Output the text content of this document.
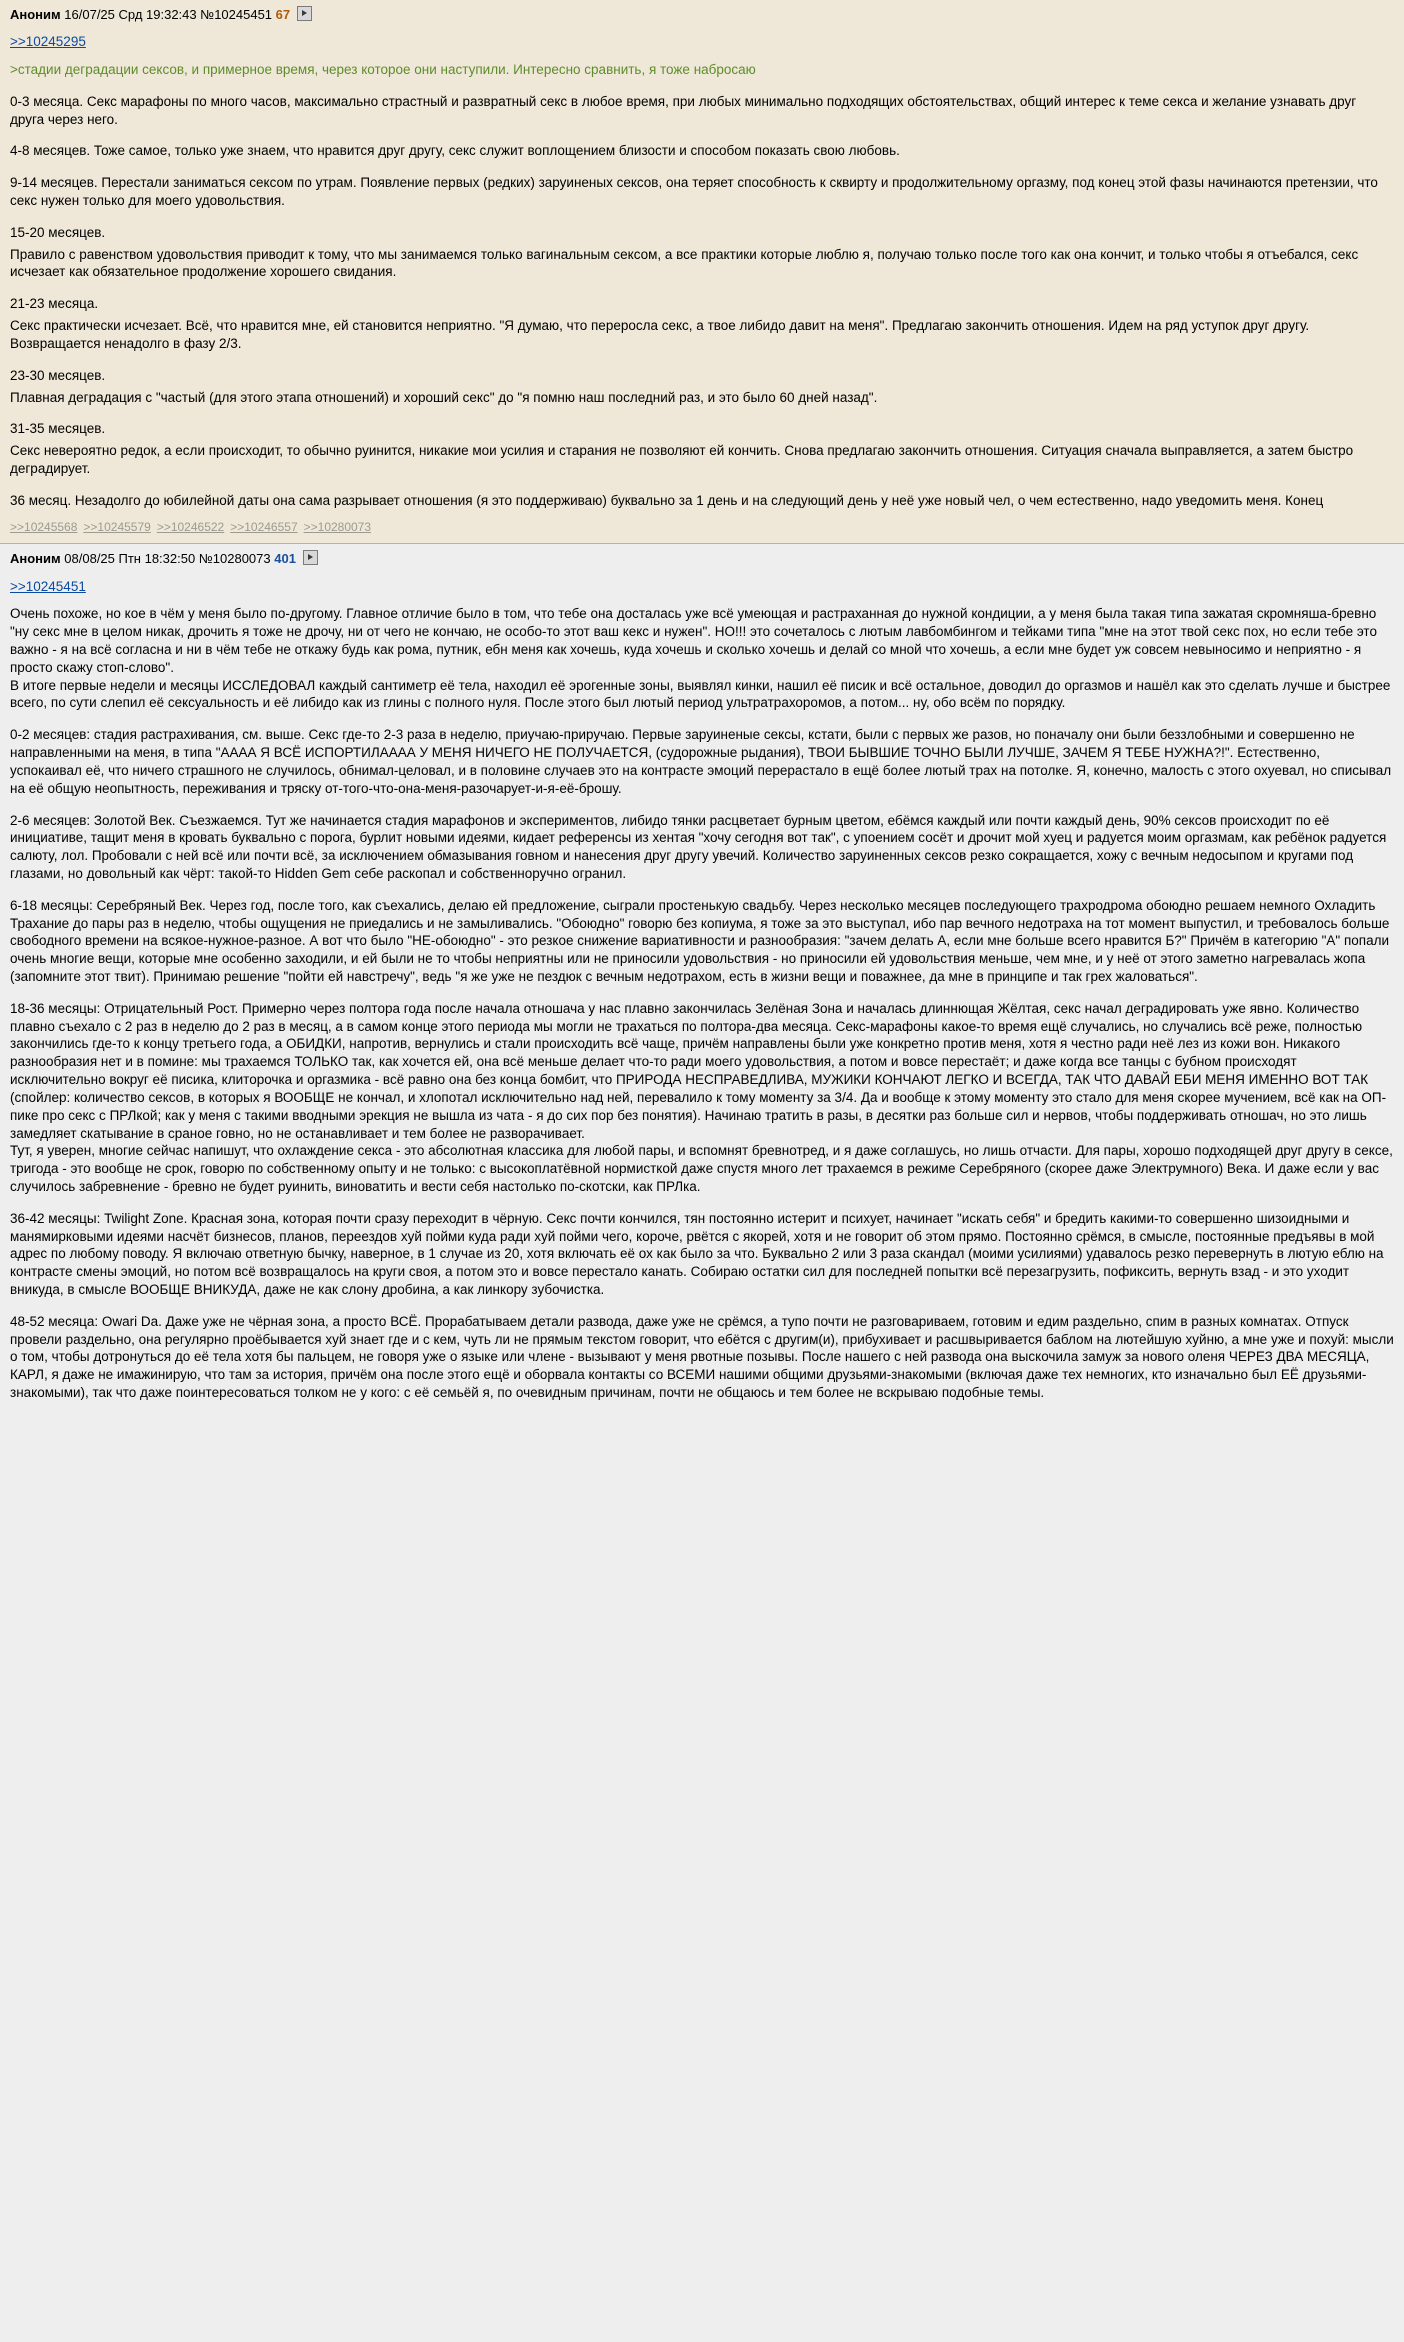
Аноним 16/07/25 Срд 19:32:43 №10245451 67
>>10245295
>стадии деградации сексов, и примерное время, через которое они наступили. Интересно сравнить, я тоже набросаю

0-3 месяца. Секс марафоны по много часов, максимально страстный и развратный секс в любое время, при любых минимально подходящих обстоятельствах, общий интерес к теме секса и желание узнавать друг друга через него.

4-8 месяцев. Тоже самое, только уже знаем, что нравится друг другу, секс служит воплощением близости и способом показать свою любовь.

9-14 месяцев. Перестали заниматься сексом по утрам. Появление первых (редких) заруиненых сексов, она теряет способность к сквирту и продолжительному оргазму, под конец этой фазы начинаются претензии, что секс нужен только для моего удовольствия.

15-20 месяцев.

Правило с равенством удовольствия приводит к тому, что мы занимаемся только вагинальным сексом, а все практики которые люблю я, получаю только после того как она кончит, и только чтобы я отъебался, секс исчезает как обязательное продолжение хорошего свидания.

21-23 месяца.

Секс практически исчезает. Всё, что нравится мне, ей становится неприятно. "Я думаю, что переросла секс, а твое либидо давит на меня". Предлагаю закончить отношения. Идем на ряд уступок друг другу. Возвращается ненадолго в фазу 2/3.

23-30 месяцев.

Плавная деградация с "частый (для этого этапа отношений) и хороший секс" до "я помню наш последний раз, и это было 60 дней назад".

31-35 месяцев.

Секс невероятно редок, а если происходит, то обычно руинится, никакие мои усилия и старания не позволяют ей кончить. Снова предлагаю закончить отношения. Ситуация сначала выправляется, а затем быстро деградирует.

36 месяц. Незадолго до юбилейной даты она сама разрывает отношения (я это поддерживаю) буквально за 1 день и на следующий день у неё уже новый чел, о чем естественно, надо уведомить меня. Конец

>>10245568 >>10245579 >>10246522 >>10246557 >>10280073
Аноним 08/08/25 Птн 18:32:50 №10280073 401
>>10245451

Очень похоже, но кое в чём у меня было по-другому. Главное отличие было в том, что тебе она досталась уже всё умеющая и растраханная до нужной кондиции, а у меня была такая типа зажатая скромняша-бревно "ну секс мне в целом никак, дрочить я тоже не дрочу, ни от чего не кончаю, не особо-то этот ваш кекс и нужен". НО!!! это сочеталось с лютым лавбомбингом и тейками типа "мне на этот твой секс пох, но если тебе это важно - я на всё согласна и ни в чём тебе не откажу будь как рома, путник, ебн меня как хочешь, куда хочешь и сколько хочешь и делай со мной что хочешь, а если мне будет уж совсем невыносимо и неприятно - я просто скажу стоп-слово".

В итоге первые недели и месяцы ИССЛЕДОВАЛ каждый сантиметр её тела, находил её эрогенные зоны, выявлял кинки, нашил её писик и всё остальное, доводил до оргазмов и нашёл как это сделать лучше и быстрее всего, по сути слепил её сексуальность и её либидо как из глины с полного нуля. После этого был лютый период ультратрахоромов, а потом... ну, обо всём по порядку.

0-2 месяцев: стадия растрахивания, см. выше. Секс где-то 2-3 раза в неделю, приучаю-приручаю. Первые заруиненые сексы, кстати, были с первых же разов, но поначалу они были беззлобными и совершенно не направленными на меня, в типа "АААА Я ВСЁ ИСПОРТИЛАААА У МЕНЯ НИЧЕГО НЕ ПОЛУЧАЕТСЯ, (судорожные рыдания), ТВОИ БЫВШИЕ ТОЧНО БЫЛИ ЛУЧШЕ, ЗАЧЕМ Я ТЕБЕ НУЖНА?!". Естественно, успокаивал её, что ничего страшного не случилось, обнимал-целовал, и в половине случаев это на контрасте эмоций перерастало в ещё более лютый трах на потолке. Я, конечно, малость с этого охуевал, но списывал на её общую неопытность, переживания и тряску от-того-что-она-меня-разочарует-и-я-её-брошу.

2-6 месяцев: Золотой Век. Съезжаемся. Тут же начинается стадия марафонов и экспериментов, либидо тянки расцветает бурным цветом, ебёмся каждый или почти каждый день, 90% сексов происходит по её инициативе, тащит меня в кровать буквально с порога, бурлит новыми идеями, кидает референсы из хентая "хочу сегодня вот так", с упоением сосёт и дрочит мой хуец и радуется моим оргазмам, как ребёнок радуется салюту, лол. Пробовали с ней всё или почти всё, за исключением обмазывания говном и нанесения друг другу увечий. Количество заруиненных сексов резко сокращается, хожу с вечным недосыпом и кругами под глазами, но довольный как чёрт: такой-то Hidden Gem себе раскопал и собственноручно огранил.

6-18 месяцы: Серебряный Век. Через год, после того, как съехались, делаю ей предложение, сыграли простенькую свадьбу. Через несколько месяцев последующего трахродрома обоюдно решаем немного Охладить Трахание до пары раз в неделю, чтобы ощущения не приедались и не замыливались. "Обоюдно" говорю без копиума, я тоже за это выступал, ибо пар вечного недотраха на тот момент выпустил, и требовалось больше свободного времени на всякое-нужное-разное. А вот что было "НЕ-обоюдно" - это резкое снижение вариативности и разнообразия: "зачем делать А, если мне больше всего нравится Б?" Причём в категорию "А" попали очень многие вещи, которые мне особенно заходили, и ей были не то чтобы неприятны или не приносили удовольствия - но приносили ей удовольствия меньше, чем мне, и у неё от этого заметно нагревалась жопа (запомните этот твит). Принимаю решение "пойти ей навстречу", ведь "я же уже не пездюк с вечным недотрахом, есть в жизни вещи и поважнее, да мне в принципе и так грех жаловаться".

18-36 месяцы: Отрицательный Рост. Примерно через полтора года после начала отношача у нас плавно закончилась Зелёная Зона и началась длиннющая Жёлтая, секс начал деградировать уже явно. Количество плавно съехало с 2 раз в неделю до 2 раз в месяц, а в самом конце этого периода мы могли не трахаться по полтора-два месяца. Секс-марафоны какое-то время ещё случались, но случались всё реже, полностью закончились где-то к концу третьего года, а ОБИДКИ, напротив, вернулись и стали происходить всё чаще, причём направлены были уже конкретно против меня, хотя я честно ради неё лез из кожи вон. Никакого разнообразия нет и в помине: мы трахаемся ТОЛЬКО так, как хочется ей, она всё меньше делает что-то ради моего удовольствия, а потом и вовсе перестаёт; и даже когда все танцы с бубном происходят исключительно вокруг её писика, клиторочка и оргазмика - всё равно она без конца бомбит, что ПРИРОДА НЕСПРАВЕДЛИВА, МУЖИКИ КОНЧАЮТ ЛЕГКО И ВСЕГДА, ТАК ЧТО ДАВАЙ ЕБИ МЕНЯ ИМЕННО ВОТ ТАК (спойлер: количество сексов, в которых я ВООБЩЕ не кончал, и хлопотал исключительно над ней, перевалило к тому моменту за 3/4. Да и вообще к этому моменту это стало для меня скорее мучением, всё как на ОП-пике про секс с ПРЛкой; как у меня с такими вводными эрекция не вышла из чата - я до сих пор без понятия). Начинаю тратить в разы, в десятки раз больше сил и нервов, чтобы поддерживать отношач, но это лишь замедляет скатывание в сраное говно, но не останавливает и тем более не разворачивает.

Тут, я уверен, многие сейчас напишут, что охлаждение секса - это абсолютная классика для любой пары, и вспомнят бревнотред, и я даже соглашусь, но лишь отчасти. Для пары, хорошо подходящей друг другу в сексе, тригода - это вообще не срок, говорю по собственному опыту и не только: с высокоплатёвной нормисткой даже спустя много лет трахаемся в режиме Серебряного (скорее даже Электрумного) Века. И даже если у вас случилось забревнение - бревно не будет руинить, виноватить и вести себя настолько по-скотски, как ПРЛка.

36-42 месяцы: Twilight Zone. Красная зона, которая почти сразу переходит в чёрную. Секс почти кончился, тян постоянно истерит и психует, начинает "искать себя" и бредить какими-то совершенно шизоидными и манямирковыми идеями насчёт бизнесов, планов, переездов хуй пойми куда ради хуй пойми чего, короче, рвётся с якорей, хотя и не говорит об этом прямо. Постоянно срёмся, в смысле, постоянные предъявы в мой адрес по любому поводу. Я включаю ответную бычку, наверное, в 1 случае из 20, хотя включать её ох как было за что. Буквально 2 или 3 раза скандал (моими усилиями) удавалось резко перевернуть в лютую еблю на контрасте смены эмоций, но потом всё возвращалось на круги своя, а потом это и вовсе перестало канать. Собираю остатки сил для последней попытки всё перезагрузить, пофиксить, вернуть взад - и это уходит вникуда, в смысле ВООБЩЕ ВНИКУДА, даже не как слону дробина, а как линкору зубочистка.

48-52 месяца: Owari Da. Даже уже не чёрная зона, а просто ВСЁ. Прорабатываем детали развода, даже уже не срёмся, а тупо почти не разговариваем, готовим и едим раздельно, спим в разных комнатах. Отпуск провели раздельно, она регулярно проёбывается хуй знает где и с кем, чуть ли не прямым текстом говорит, что ебётся с другим(и), прибухивает и расшвыривается баблом на лютейшую хуйню, а мне уже и похуй: мысли о том, чтобы дотронуться до её тела хотя бы пальцем, не говоря уже о языке или члене - вызывают у меня рвотные позывы. После нашего с ней развода она выскочила замуж за нового оленя ЧЕРЕЗ ДВА МЕСЯЦА, КАРЛ, я даже не имажинирую, что там за история, причём она после этого ещё и оборвала контакты со ВСЕМИ нашими общими друзьями-знакомыми (включая даже тех немногих, кто изначально был ЕЁ друзьями-знакомыми), так что даже поинтересоваться толком не у кого: с её семьёй я, по очевидным причинам, почти не общаюсь и тем более не вскрываю подобные темы.
